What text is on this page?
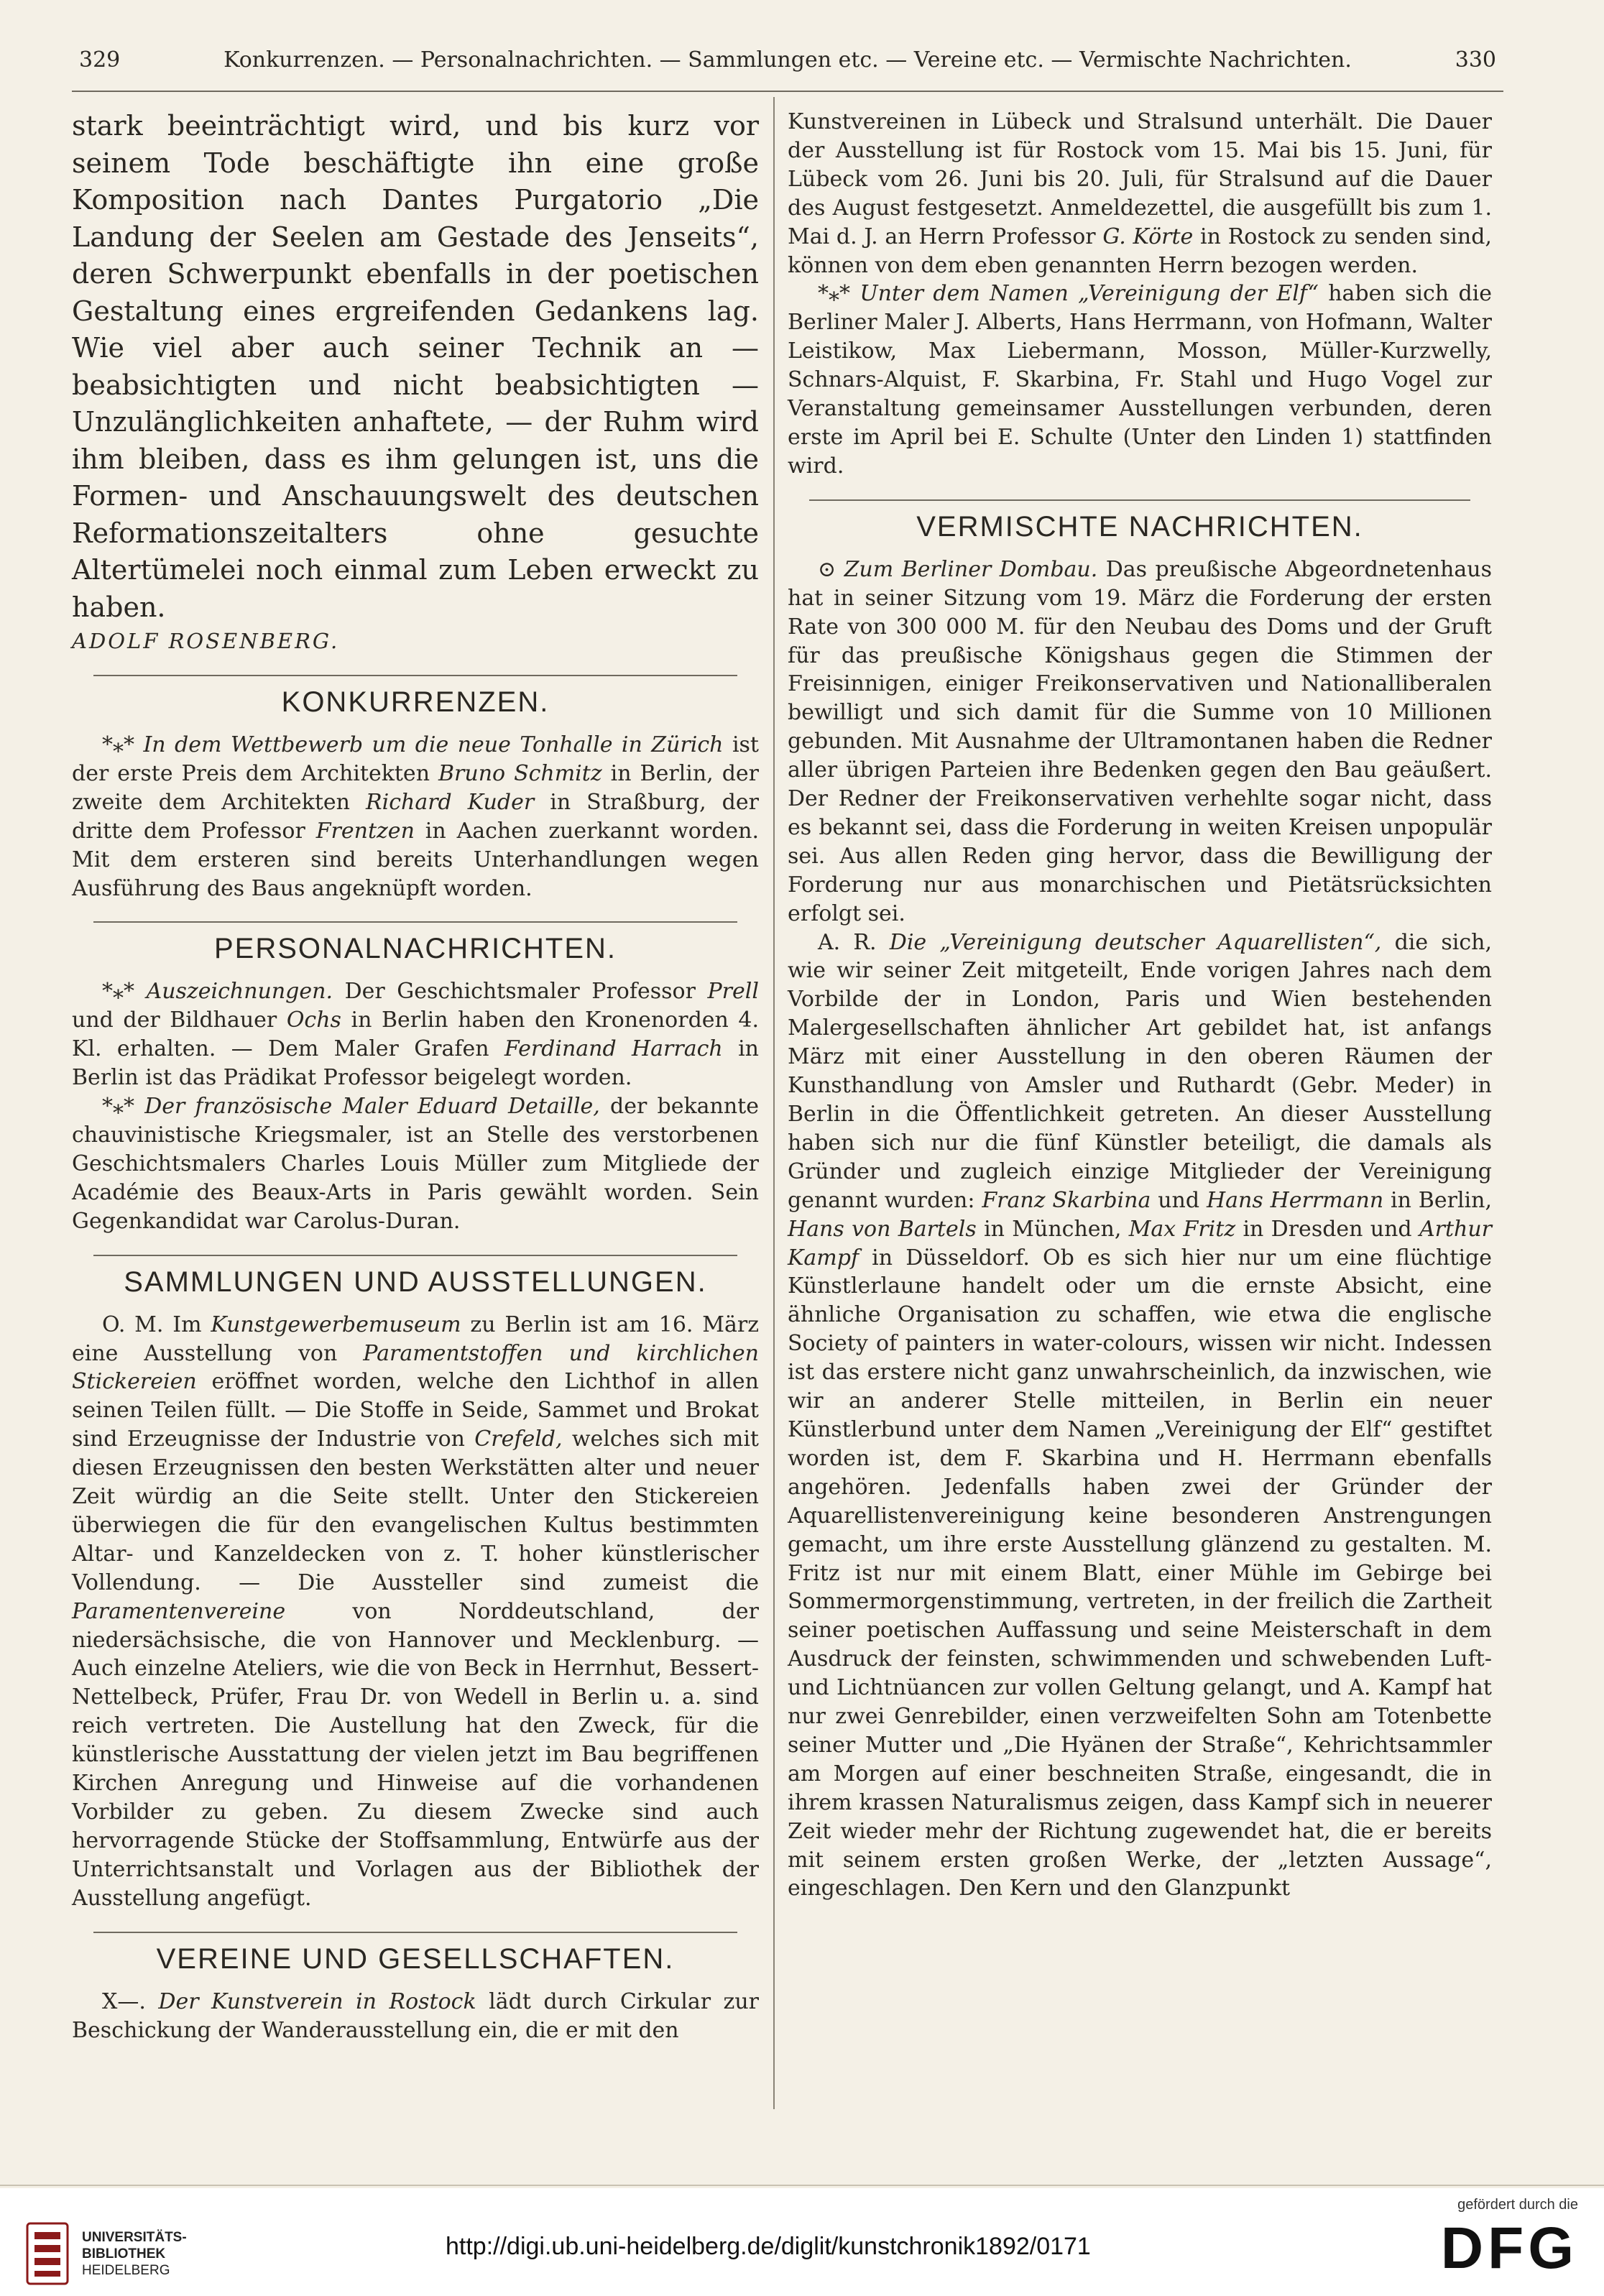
329	Konkurrenzen. — Personalnachrichten. — Sammlungen etc. — Vereine etc. — Vermischte Nachrichten.	330

stark beeinträchtigt wird, und bis kurz vor seinem Tode beschäftigte ihn eine große Komposition nach Dantes Purgatorio „Die Landung der Seelen am Gestade des Jenseits“, deren Schwerpunkt ebenfalls in der poetischen Gestaltung eines ergreifenden Gedankens lag. Wie viel aber auch seiner Technik an — beabsichtigten und nicht beabsichtigten — Unzulänglichkeiten anhaftete, — der Ruhm wird ihm bleiben, dass es ihm gelungen ist, uns die Formen- und Anschauungswelt des deutschen Reformationszeitalters ohne gesuchte Altertümelei noch einmal zum Leben erweckt zu haben.

ADOLF ROSENBERG.

KONKURRENZEN.

*⁎* In dem Wettbewerb um die neue Tonhalle in Zürich ist der erste Preis dem Architekten Bruno Schmitz in Berlin, der zweite dem Architekten Richard Kuder in Straßburg, der dritte dem Professor Frentzen in Aachen zuerkannt worden. Mit dem ersteren sind bereits Unterhandlungen wegen Ausführung des Baus angeknüpft worden.

PERSONALNACHRICHTEN.

*⁎* Auszeichnungen. Der Geschichtsmaler Professor Prell und der Bildhauer Ochs in Berlin haben den Kronenorden 4. Kl. erhalten. — Dem Maler Grafen Ferdinand Harrach in Berlin ist das Prädikat Professor beigelegt worden.

*⁎* Der französische Maler Eduard Detaille, der bekannte chauvinistische Kriegsmaler, ist an Stelle des verstorbenen Geschichtsmalers Charles Louis Müller zum Mitgliede der Académie des Beaux-Arts in Paris gewählt worden. Sein Gegenkandidat war Carolus-Duran.

SAMMLUNGEN UND AUSSTELLUNGEN.

O. M. Im Kunstgewerbemuseum zu Berlin ist am 16. März eine Ausstellung von Paramentstoffen und kirchlichen Stickereien eröffnet worden, welche den Lichthof in allen seinen Teilen füllt. — Die Stoffe in Seide, Sammet und Brokat sind Erzeugnisse der Industrie von Crefeld, welches sich mit diesen Erzeugnissen den besten Werkstätten alter und neuer Zeit würdig an die Seite stellt. Unter den Stickereien überwiegen die für den evangelischen Kultus bestimmten Altar- und Kanzeldecken von z. T. hoher künstlerischer Vollendung. — Die Aussteller sind zumeist die Paramentenvereine	von Norddeutschland, der niedersächsische, die von Hannover und Mecklenburg. — Auch einzelne Ateliers, wie die von Beck in Herrnhut, Bessert-Nettelbeck, Prüfer, Frau Dr. von Wedell in Berlin u. a. sind reich vertreten. Die Austellung hat den Zweck, für die künstlerische Ausstattung der vielen jetzt im Bau begriffenen Kirchen Anregung und Hinweise auf die vorhandenen Vorbilder zu geben. Zu diesem Zwecke sind auch hervorragende Stücke der Stoffsammlung, Entwürfe aus der Unterrichtsanstalt und Vorlagen aus der Bibliothek der Ausstellung angefügt.

VEREINE UND GESELLSCHAFTEN.

X—. Der Kunstverein in Rostock lädt durch Cirkular zur Beschickung der Wanderausstellung ein, die er mit den

Kunstvereinen in Lübeck und Stralsund unterhält. Die Dauer der Ausstellung ist für Rostock vom 15. Mai bis 15. Juni, für Lübeck vom 26. Juni bis 20. Juli, für Stralsund auf die Dauer des August festgesetzt. Anmeldezettel, die ausgefüllt bis zum 1. Mai d. J. an Herrn Professor G. Körte in Rostock zu senden sind, können von dem eben genannten Herrn bezogen werden.

*⁎* Unter dem Namen „Vereinigung der Elf“ haben sich die Berliner Maler J. Alberts, Hans Herrmann, von Hofmann, Walter Leistikow, Max Liebermann, Mosson, Müller-Kurzwelly, Schnars-Alquist, F. Skarbina, Fr. Stahl und Hugo Vogel zur Veranstaltung gemeinsamer Ausstellungen verbunden, deren erste im April bei E. Schulte (Unter den Linden 1) stattfinden wird.

VERMISCHTE NACHRICHTEN.

⊙ Zum Berliner Dombau. Das preußische Abgeordnetenhaus hat in seiner Sitzung vom 19. März die Forderung der ersten Rate von 300 000 M. für den Neubau des Doms und der Gruft für das preußische Königshaus gegen die Stimmen der Freisinnigen, einiger Freikonservativen und Nationalliberalen bewilligt und sich damit für die Summe von 10 Millionen gebunden. Mit Ausnahme der Ultramontanen haben die Redner aller übrigen Parteien ihre Bedenken gegen den Bau geäußert. Der Redner der Freikonservativen verhehlte sogar nicht, dass es bekannt sei, dass die Forderung in weiten Kreisen unpopulär sei. Aus allen Reden ging hervor, dass die Bewilligung der Forderung nur aus monarchischen und Pietätsrücksichten erfolgt sei.

A. R. Die „Vereinigung deutscher Aquarellisten“, die sich, wie wir seiner Zeit mitgeteilt, Ende vorigen Jahres nach dem Vorbilde der in London, Paris und Wien bestehenden Malergesellschaften ähnlicher Art gebildet hat, ist anfangs März mit einer Ausstellung in den oberen Räumen der Kunsthandlung von Amsler und Ruthardt (Gebr. Meder) in Berlin in die Öffentlichkeit getreten. An dieser Ausstellung haben sich nur die fünf Künstler beteiligt, die damals als Gründer und zugleich einzige Mitglieder der Vereinigung genannt wurden: Franz Skarbina und Hans Herrmann in Berlin, Hans von Bartels in München, Max Fritz in Dresden und Arthur Kampf in Düsseldorf. Ob es sich hier nur um eine flüchtige Künstlerlaune handelt oder um die ernste Absicht, eine ähnliche Organisation zu schaffen, wie etwa die englische Society of painters in water-colours, wissen wir nicht. Indessen ist das erstere nicht ganz unwahrscheinlich, da inzwischen, wie wir an anderer Stelle mitteilen, in Berlin ein neuer Künstlerbund unter dem Namen „Vereinigung der Elf“ gestiftet worden ist, dem F. Skarbina und H. Herrmann ebenfalls angehören. Jedenfalls haben zwei der Gründer der Aquarellistenvereinigung keine besonderen Anstrengungen gemacht, um ihre erste Ausstellung glänzend zu gestalten. M. Fritz ist nur mit einem Blatt, einer Mühle im Gebirge bei Sommermorgenstimmung, vertreten, in der freilich die Zartheit seiner poetischen Auffassung und seine Meisterschaft in dem Ausdruck der feinsten, schwimmenden und schwebenden Luft- und Lichtnüancen zur vollen Geltung gelangt, und A. Kampf hat nur zwei Genrebilder, einen verzweifelten Sohn am Totenbette seiner Mutter und „Die Hyänen der Straße“, Kehrichtsammler am Morgen auf einer beschneiten Straße, eingesandt, die in ihrem krassen Naturalismus zeigen, dass Kampf sich in neuerer Zeit wieder mehr der Richtung zugewendet hat, die er bereits mit seinem ersten großen Werke, der „letzten Aussage“, eingeschlagen. Den Kern und den Glanzpunkt

UNIVERSITÄTS-
BIBLIOTHEK
HEIDELBERG
http://digi.ub.uni-heidelberg.de/diglit/kunstchronik1892/0171
gefördert durch die
DFG
